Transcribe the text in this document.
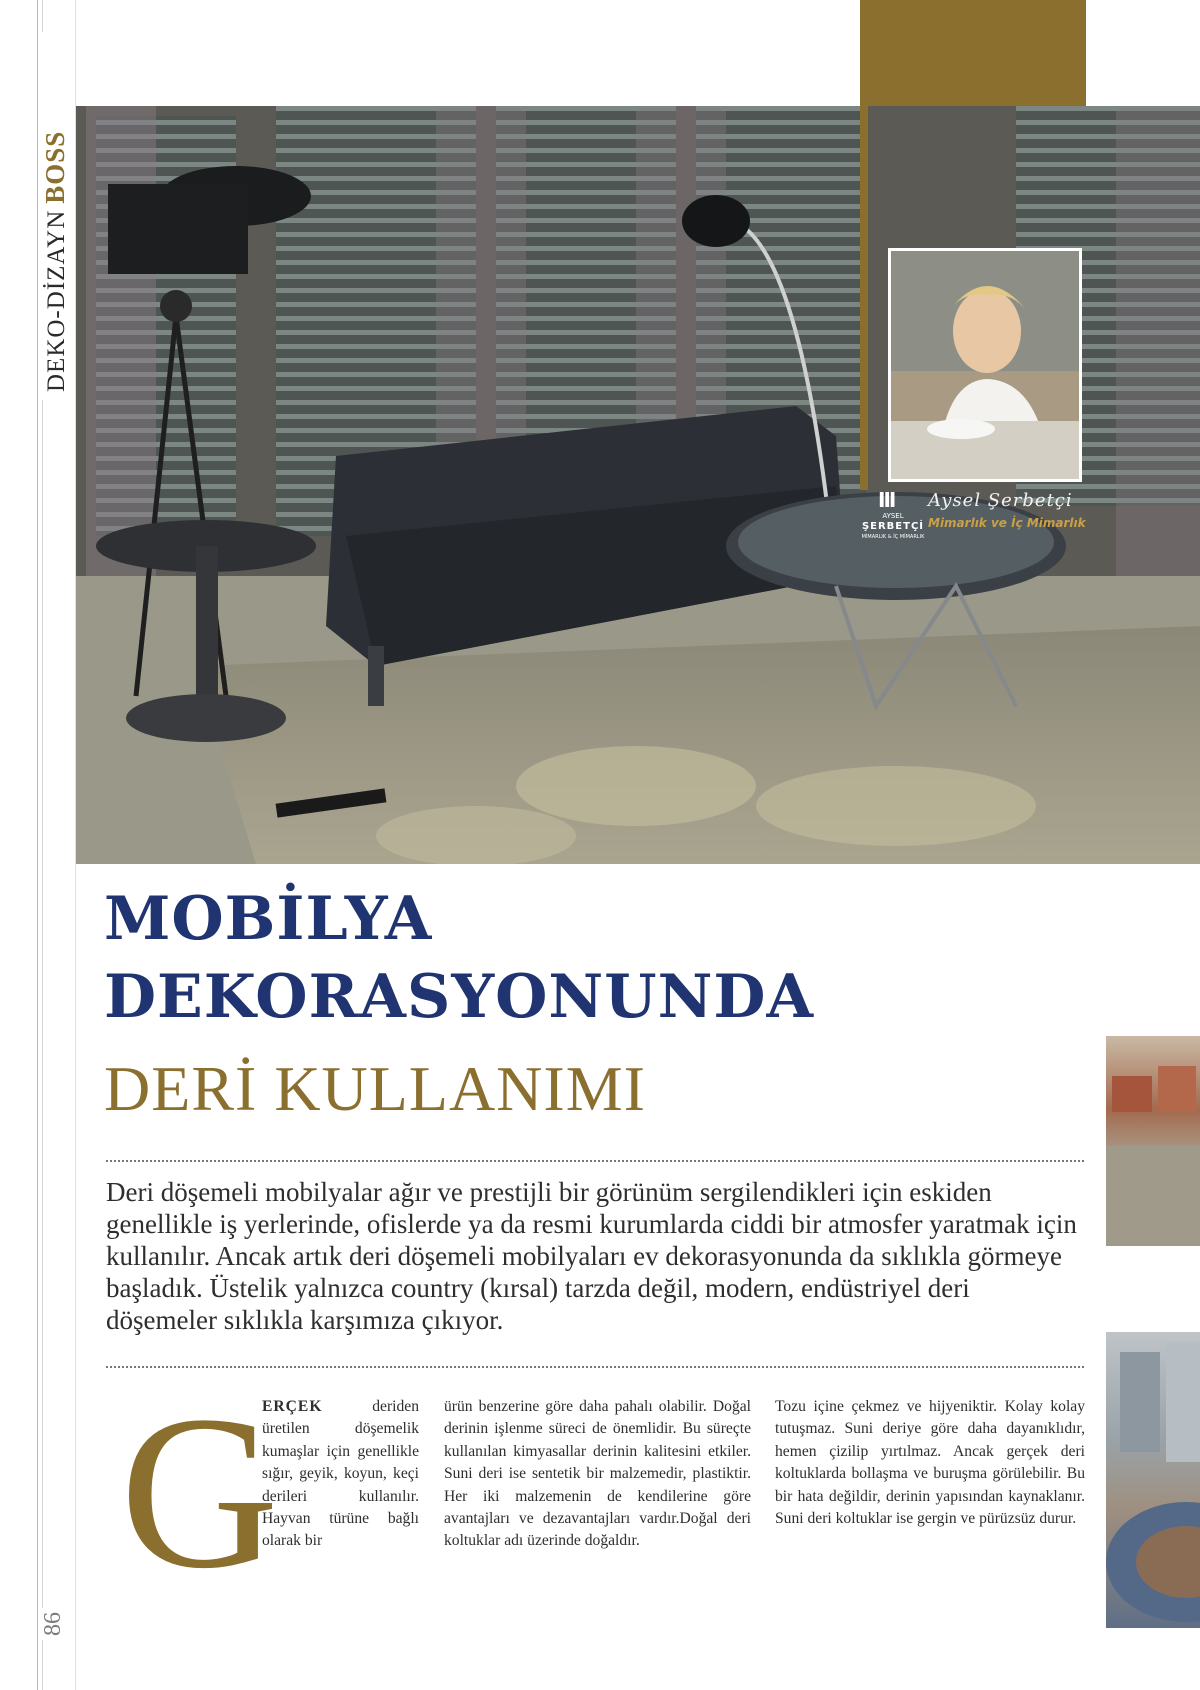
DEKO-DİZAYN
BOSS
86
III
AYSEL
ŞERBETÇİ
MİMARLIK & İÇ MİMARLIK
Aysel Şerbetçi
Mimarlık ve İç Mimarlık
MOBİLYA
DEKORASYONUNDA
DERİ KULLANIMI
Deri döşemeli mobilyalar ağır ve prestijli bir görünüm sergilendikleri için eskiden genellikle iş yerlerinde, ofislerde ya da resmi kurumlarda ciddi bir atmosfer yaratmak için kullanılır. Ancak artık deri döşemeli mobilyaları ev dekorasyonunda da sıklıkla görmeye başladık. Üstelik yalnızca country (kırsal) tarzda değil, modern, endüstriyel deri döşemeler sıklıkla karşımıza çıkıyor.
G
ERÇEK deriden üretilen döşemelik kumaşlar için genellikle sığır, geyik, koyun, keçi derileri kullanılır. Hayvan türüne bağlı olarak bir
ürün benzerine göre daha pahalı olabilir. Doğal derinin işlenme süreci de önemlidir. Bu süreçte kullanılan kimyasallar derinin kalitesini etkiler. Suni deri ise sentetik bir malzemedir, plastiktir. Her iki malzemenin de kendilerine göre avantajları ve dezavantajları vardır.Doğal deri koltuklar adı üzerinde doğaldır.
Tozu içine çekmez ve hijyeniktir. Kolay kolay tutuşmaz. Suni deriye göre daha dayanıklıdır, hemen çizilip yırtılmaz. Ancak gerçek deri koltuklarda bollaşma ve buruşma görülebilir. Bu bir hata değildir, derinin yapısından kaynaklanır. Suni deri koltuklar ise gergin ve pürüzsüz durur.
